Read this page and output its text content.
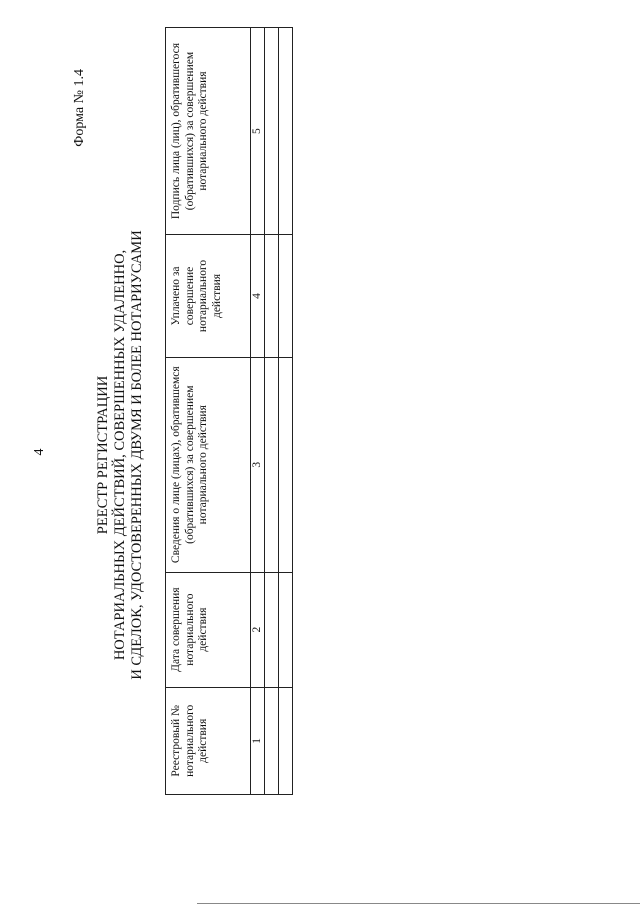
4
Форма № 1.4
РЕЕСТР РЕГИСТРАЦИИ НОТАРИАЛЬНЫХ ДЕЙСТВИЙ, СОВЕРШЕННЫХ УДАЛЕННО, И СДЕЛОК, УДОСТОВЕРЕННЫХ ДВУМЯ И БОЛЕЕ НОТАРИУСАМИ
Реестровый № нотариального действия	Дата совершения нотариального действия	Сведения о лице (лицах), обратившемся (обратившихся) за совершением нотариального действия	Уплачено за совершение нотариального действия	Подпись лица (лиц), обратившегося (обратившихся) за совершением нотариального действия
1	2	3	4	5
